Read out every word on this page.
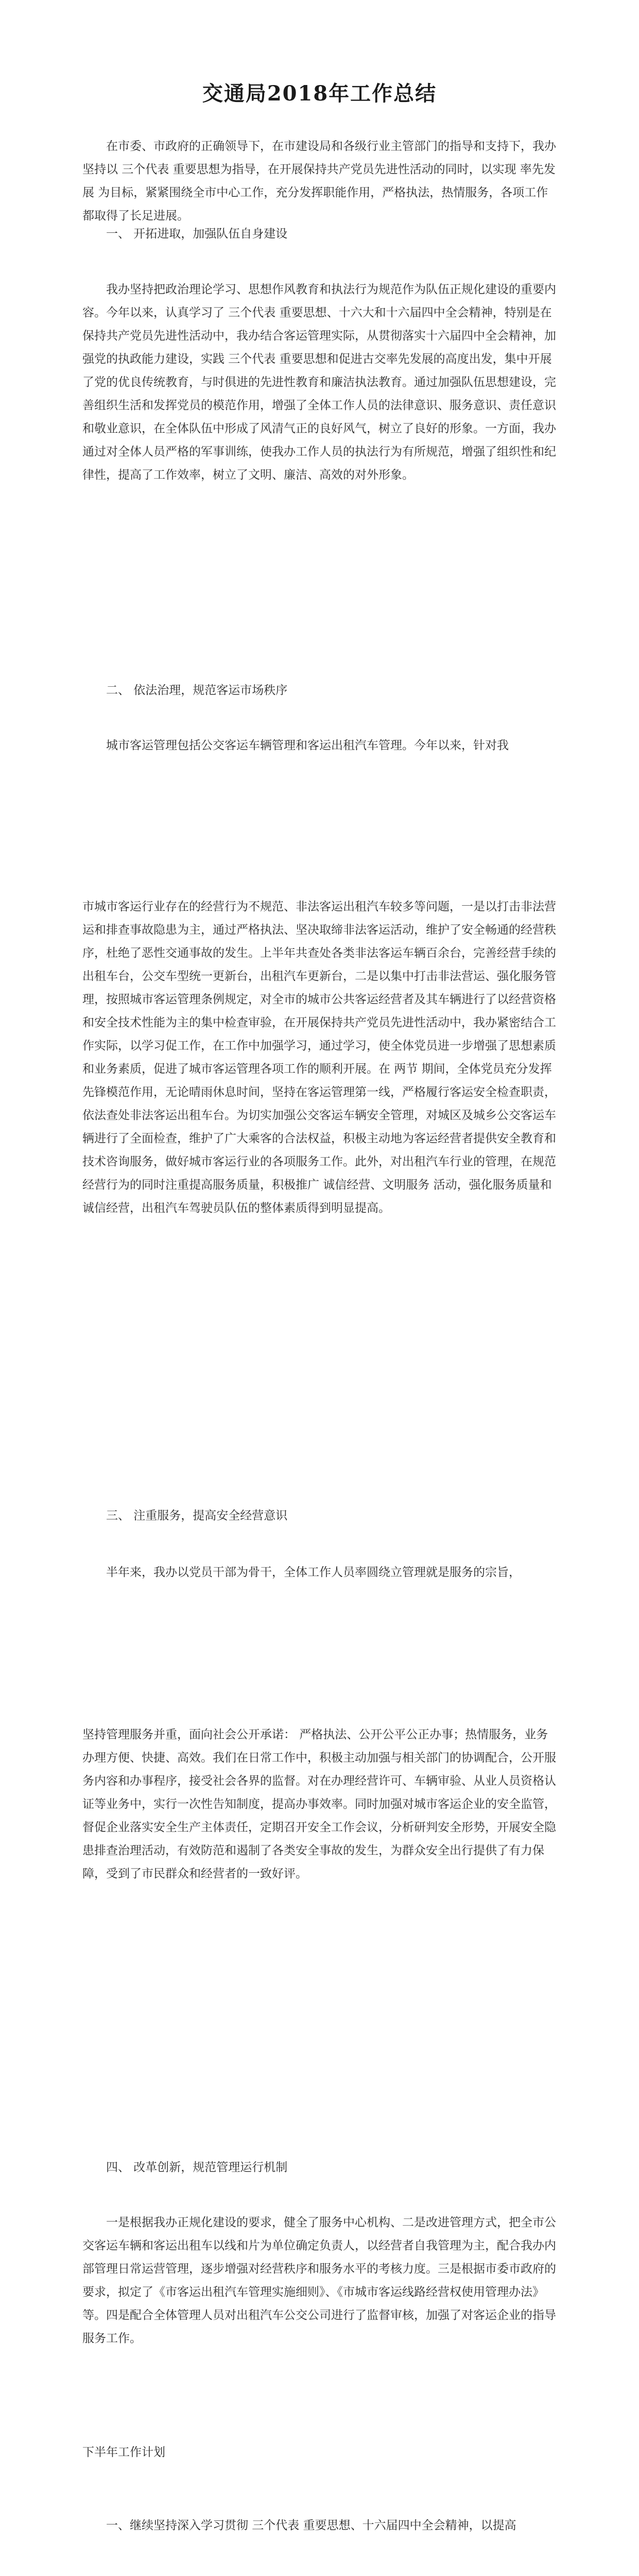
交通局2018年工作总结

在市委、市政府的正确领导下，在市建设局和各级行业主管部门的指导和支持下，我办坚持以 三个代表 重要思想为指导，在开展保持共产党员先进性活动的同时，以实现 率先发展 为目标，紧紧围绕全市中心工作，充分发挥职能作用，严格执法，热情服务，各项工作都取得了长足进展。

一、 开拓进取，加强队伍自身建设

我办坚持把政治理论学习、思想作风教育和执法行为规范作为队伍正规化建设的重要内容。今年以来，认真学习了 三个代表 重要思想、十六大和十六届四中全会精神，特别是在保持共产党员先进性活动中，我办结合客运管理实际，从贯彻落实十六届四中全会精神，加强党的执政能力建设，实践 三个代表 重要思想和促进古交率先发展的高度出发，集中开展了党的优良传统教育，与时俱进的先进性教育和廉洁执法教育。通过加强队伍思想建设，完善组织生活和发挥党员的模范作用，增强了全体工作人员的法律意识、服务意识、责任意识和敬业意识，在全体队伍中形成了风清气正的良好风气，树立了良好的形象。一方面，我办通过对全体人员严格的军事训练，使我办工作人员的执法行为有所规范，增强了组织性和纪律性，提高了工作效率，树立了文明、廉洁、高效的对外形象。

二、 依法治理，规范客运市场秩序

城市客运管理包括公交客运车辆管理和客运出租汽车管理。今年以来，针对我

市城市客运行业存在的经营行为不规范、非法客运出租汽车较多等问题，一是以打击非法营运和排查事故隐患为主，通过严格执法、坚决取缔非法客运活动，维护了安全畅通的经营秩序，杜绝了恶性交通事故的发生。上半年共查处各类非法客运车辆百余台，完善经营手续的出租车台，公交车型统一更新台，出租汽车更新台，二是以集中打击非法营运、强化服务管理，按照城市客运管理条例规定，对全市的城市公共客运经营者及其车辆进行了以经营资格和安全技术性能为主的集中检查审验，在开展保持共产党员先进性活动中，我办紧密结合工作实际，以学习促工作，在工作中加强学习，通过学习，使全体党员进一步增强了思想素质和业务素质，促进了城市客运管理各项工作的顺利开展。在 两节 期间，全体党员充分发挥先锋模范作用，无论晴雨休息时间，坚持在客运管理第一线，严格履行客运安全检查职责，依法查处非法客运出租车台。为切实加强公交客运车辆安全管理，对城区及城乡公交客运车辆进行了全面检查，维护了广大乘客的合法权益，积极主动地为客运经营者提供安全教育和技术咨询服务，做好城市客运行业的各项服务工作。此外，对出租汽车行业的管理，在规范经营行为的同时注重提高服务质量，积极推广 诚信经营、文明服务 活动，强化服务质量和诚信经营，出租汽车驾驶员队伍的整体素质得到明显提高。

三、 注重服务，提高安全经营意识

半年来，我办以党员干部为骨干，全体工作人员率圆绕立管理就是服务的宗旨，

坚持管理服务并重，面向社会公开承诺： 严格执法、公开公平公正办事；热情服务，业务办理方便、快捷、高效。我们在日常工作中，积极主动加强与相关部门的协调配合，公开服务内容和办事程序，接受社会各界的监督。对在办理经营许可、车辆审验、从业人员资格认证等业务中，实行一次性告知制度，提高办事效率。同时加强对城市客运企业的安全监管，督促企业落实安全生产主体责任，定期召开安全工作会议，分析研判安全形势，开展安全隐患排查治理活动，有效防范和遏制了各类安全事故的发生，为群众安全出行提供了有力保障，受到了市民群众和经营者的一致好评。

四、 改革创新，规范管理运行机制

一是根据我办正规化建设的要求，健全了服务中心机构、二是改进管理方式，把全市公交客运车辆和客运出租车以线和片为单位确定负责人，以经营者自我管理为主，配合我办内部管理日常运营管理，逐步增强对经营秩序和服务水平的考核力度。三是根据市委市政府的要求，拟定了《市客运出租汽车管理实施细则》、《市城市客运线路经营权使用管理办法》等。四是配合全体管理人员对出租汽车公交公司进行了监督审核，加强了对客运企业的指导服务工作。

下半年工作计划

一、继续坚持深入学习贯彻 三个代表 重要思想、十六届四中全会精神，以提高
